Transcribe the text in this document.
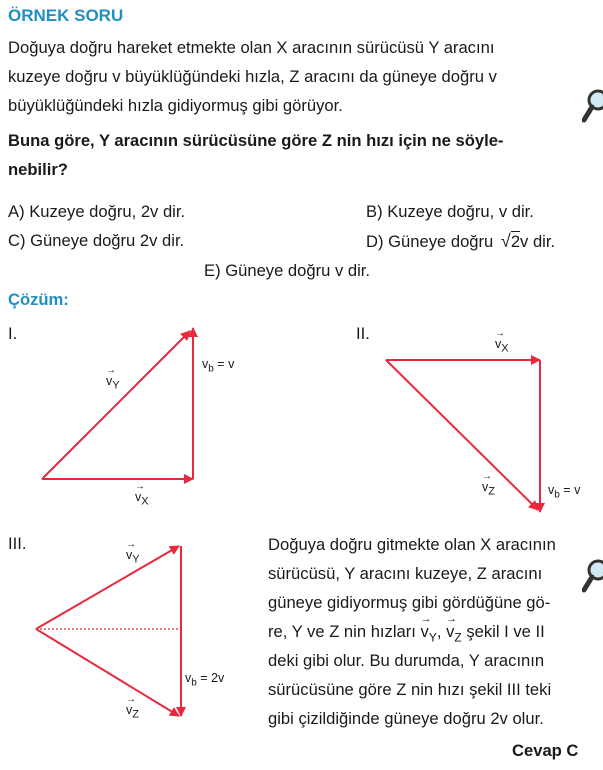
ÖRNEK SORU
Doğuya doğru hareket etmekte olan X aracının sürücüsü Y aracını
kuzeye doğru v büyüklüğündeki hızla, Z aracını da güneye doğru v
büyüklüğündeki hızla gidiyormuş gibi görüyor.
Buna göre, Y aracının sürücüsüne göre Z nin hızı için ne söyle-
nebilir?
A) Kuzeye doğru, 2v dir.	B) Kuzeye doğru, v dir.
C) Güneye doğru 2v dir.	D) Güneye doğru √2v dir.
E) Güneye doğru v dir.
Çözüm:
I.	II.
III.
→
$v_Y$
$v_b = v$
→
$v_X$
→
$v_X$
→
$v_Z$	$v_b = v$
→
$v_Y$
$v_b = 2v$
→
$v_Z$
Doğuya doğru gitmekte olan X aracının
sürücüsü, Y aracını kuzeye, Z aracını
güneye gidiyormuş gibi gördüğüne gö-
re, Y ve Z nin hızları
→
$v_Y$,
→
$v_Z$ şekil I ve II
deki gibi olur. Bu durumda, Y aracının
sürücüsüne göre Z nin hızı şekil III teki
gibi çizildiğinde güneye doğru 2v olur.
Cevap C
